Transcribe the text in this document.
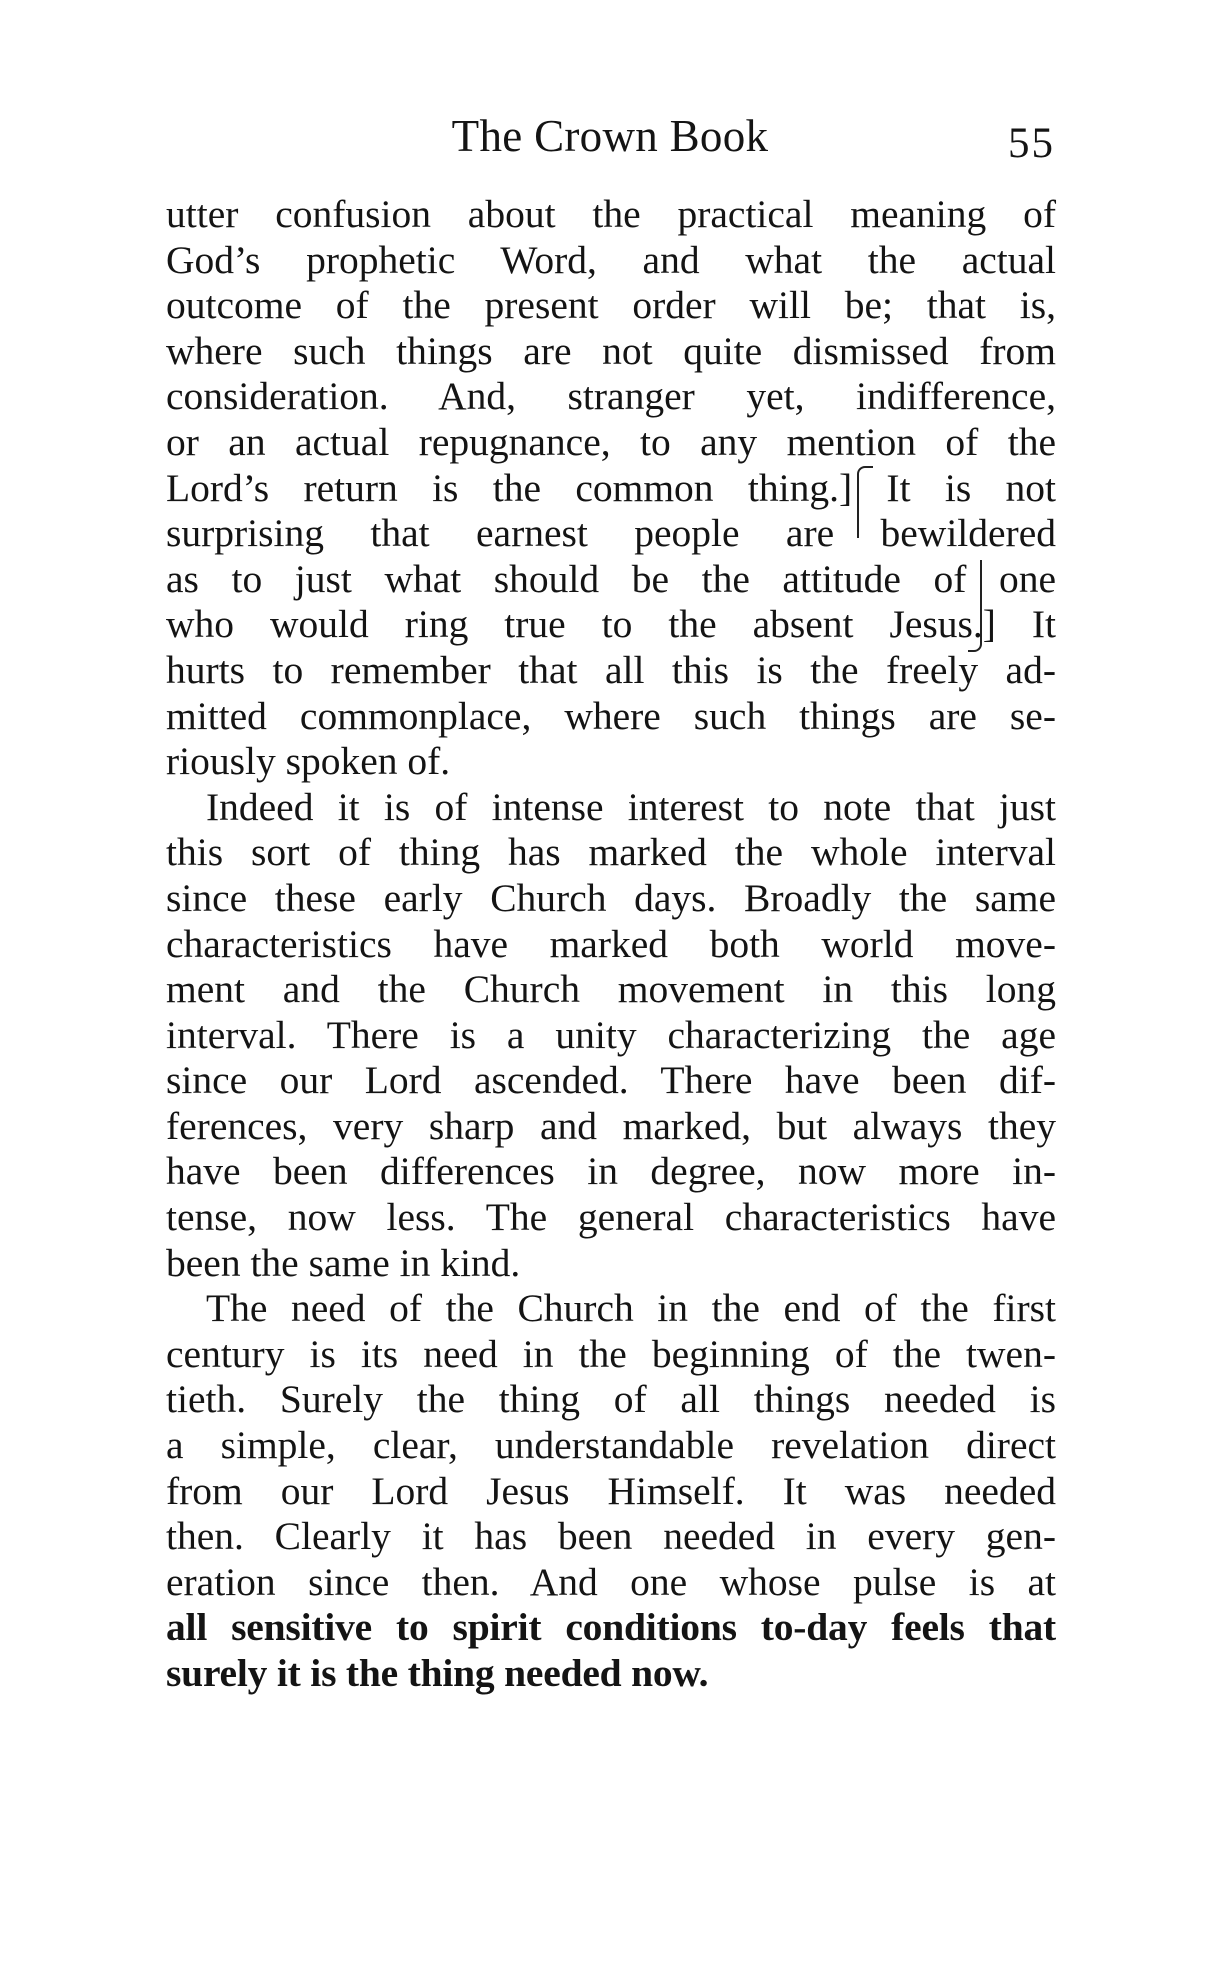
The Crown Book	55
utter confusion about the practical meaning of
God’s prophetic Word, and what the actual
outcome of the present order will be; that is,
where such things are not quite dismissed from
consideration. And, stranger yet, indifference,
or an actual repugnance, to any mention of the
Lord’s return is the common thing.] It is not
surprising that earnest people are bewildered
as to just what should be the attitude of one
who would ring true to the absent Jesus.] It
hurts to remember that all this is the freely ad-
mitted commonplace, where such things are se-
riously spoken of.
Indeed it is of intense interest to note that just
this sort of thing has marked the whole interval
since these early Church days. Broadly the same
characteristics have marked both world move-
ment and the Church movement in this long
interval. There is a unity characterizing the age
since our Lord ascended. There have been dif-
ferences, very sharp and marked, but always they
have been differences in degree, now more in-
tense, now less. The general characteristics have
been the same in kind.
The need of the Church in the end of the first
century is its need in the beginning of the twen-
tieth. Surely the thing of all things needed is
a simple, clear, understandable revelation direct
from our Lord Jesus Himself. It was needed
then. Clearly it has been needed in every gen-
eration since then. And one whose pulse is at
all sensitive to spirit conditions to-day feels that
surely it is the thing needed now.
